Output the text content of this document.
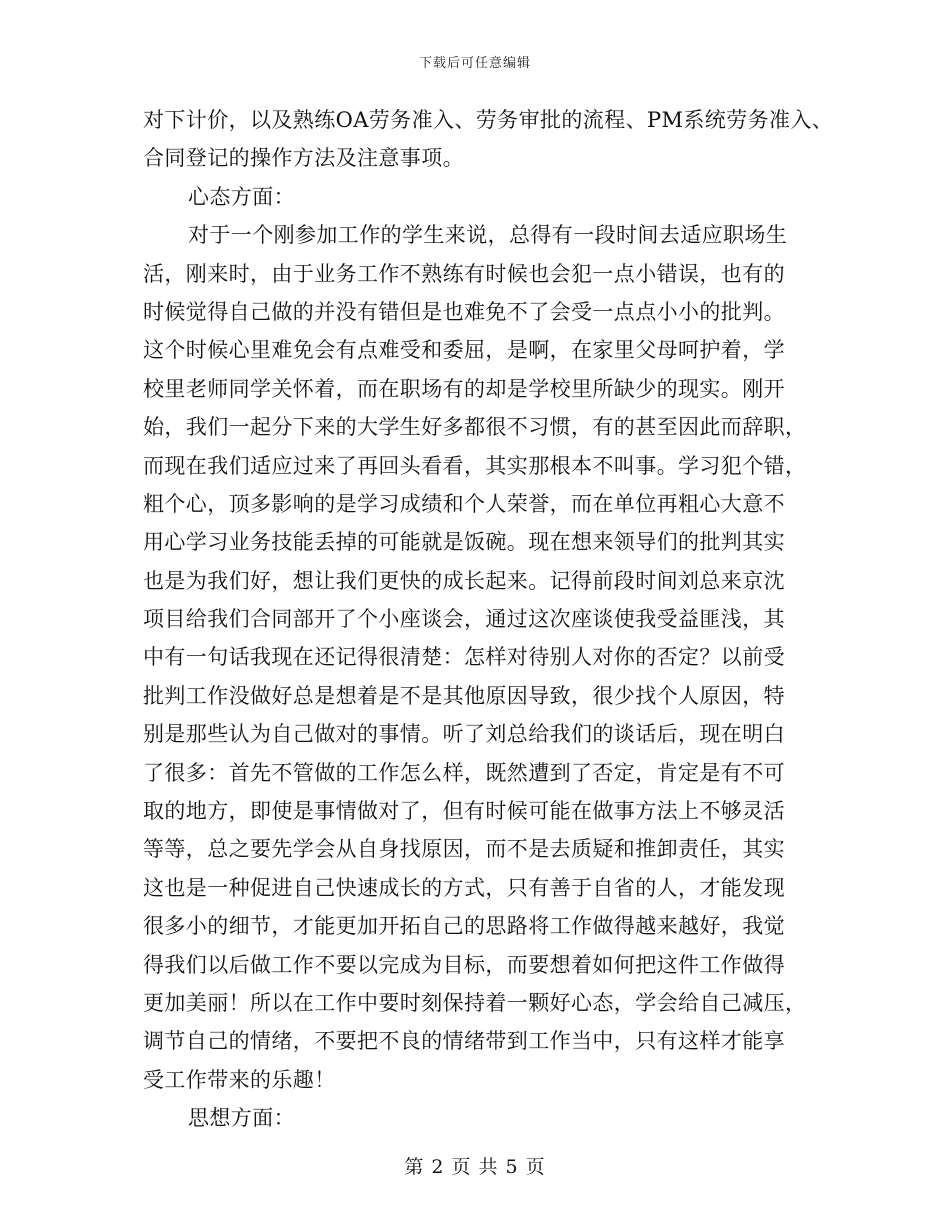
下载后可任意编辑
对下计价，以及熟练OA劳务准入、劳务审批的流程、PM系统劳务准入、
合同登记的操作方法及注意事项。
心态方面：
对于一个刚参加工作的学生来说，总得有一段时间去适应职场生
活，刚来时，由于业务工作不熟练有时候也会犯一点小错误，也有的
时候觉得自己做的并没有错但是也难免不了会受一点点小小的批判。
这个时候心里难免会有点难受和委屈，是啊，在家里父母呵护着，学
校里老师同学关怀着，而在职场有的却是学校里所缺少的现实。刚开
始，我们一起分下来的大学生好多都很不习惯，有的甚至因此而辞职，
而现在我们适应过来了再回头看看，其实那根本不叫事。学习犯个错，
粗个心，顶多影响的是学习成绩和个人荣誉，而在单位再粗心大意不
用心学习业务技能丢掉的可能就是饭碗。现在想来领导们的批判其实
也是为我们好，想让我们更快的成长起来。记得前段时间刘总来京沈
项目给我们合同部开了个小座谈会，通过这次座谈使我受益匪浅，其
中有一句话我现在还记得很清楚：怎样对待别人对你的否定？以前受
批判工作没做好总是想着是不是其他原因导致，很少找个人原因，特
别是那些认为自己做对的事情。听了刘总给我们的谈话后，现在明白
了很多：首先不管做的工作怎么样，既然遭到了否定，肯定是有不可
取的地方，即使是事情做对了，但有时候可能在做事方法上不够灵活
等等，总之要先学会从自身找原因，而不是去质疑和推卸责任，其实
这也是一种促进自己快速成长的方式，只有善于自省的人，才能发现
很多小的细节，才能更加开拓自己的思路将工作做得越来越好，我觉
得我们以后做工作不要以完成为目标，而要想着如何把这件工作做得
更加美丽！所以在工作中要时刻保持着一颗好心态，学会给自己减压，
调节自己的情绪，不要把不良的情绪带到工作当中，只有这样才能享
受工作带来的乐趣！
思想方面：
第 2 页 共 5 页
